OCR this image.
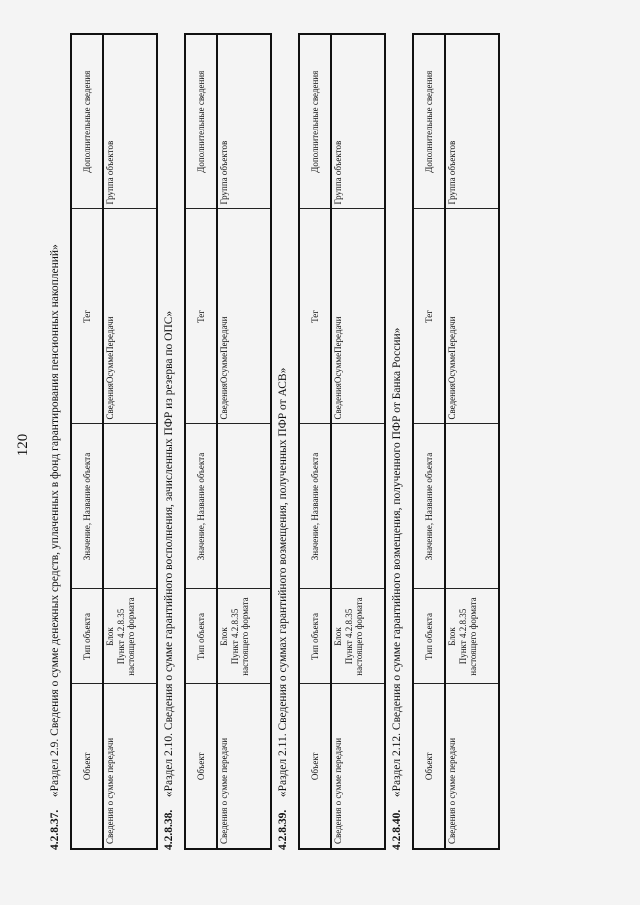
120
4.2.8.37. «Раздел 2.9. Сведения о сумме денежных средств, уплаченных в фонд гарантирования пенсионных накоплений» Объект	Тип объекта	Значение, Название объекта	Тег	Дополнительные сведения
Сведения о сумме передачи	Блок Пункт 4.2.8.35 настоящего формата		СведенияОсуммеПередачи	Группа объектов
4.2.8.38. «Раздел 2.10. Сведения о сумме гарантийного восполнения, зачисленных ПФР из резерва по ОПС» Объект	Тип объекта	Значение, Название объекта	Тег	Дополнительные сведения
Сведения о сумме передачи	Блок Пункт 4.2.8.35 настоящего формата		СведенияОсуммеПередачи	Группа объектов
4.2.8.39. «Раздел 2.11. Сведения о суммах гарантийного возмещения, полученных ПФР от АСВ» Объект	Тип объекта	Значение, Название объекта	Тег	Дополнительные сведения
Сведения о сумме передачи	Блок Пункт 4.2.8.35 настоящего формата		СведенияОсуммеПередачи	Группа объектов
4.2.8.40. «Раздел 2.12. Сведения о сумме гарантийного возмещения, полученного ПФР от Банка России» Объект	Тип объекта	Значение, Название объекта	Тег	Дополнительные сведения
Сведения о сумме передачи	Блок Пункт 4.2.8.35 настоящего формата		СведенияОсуммеПередачи	Группа объектов
